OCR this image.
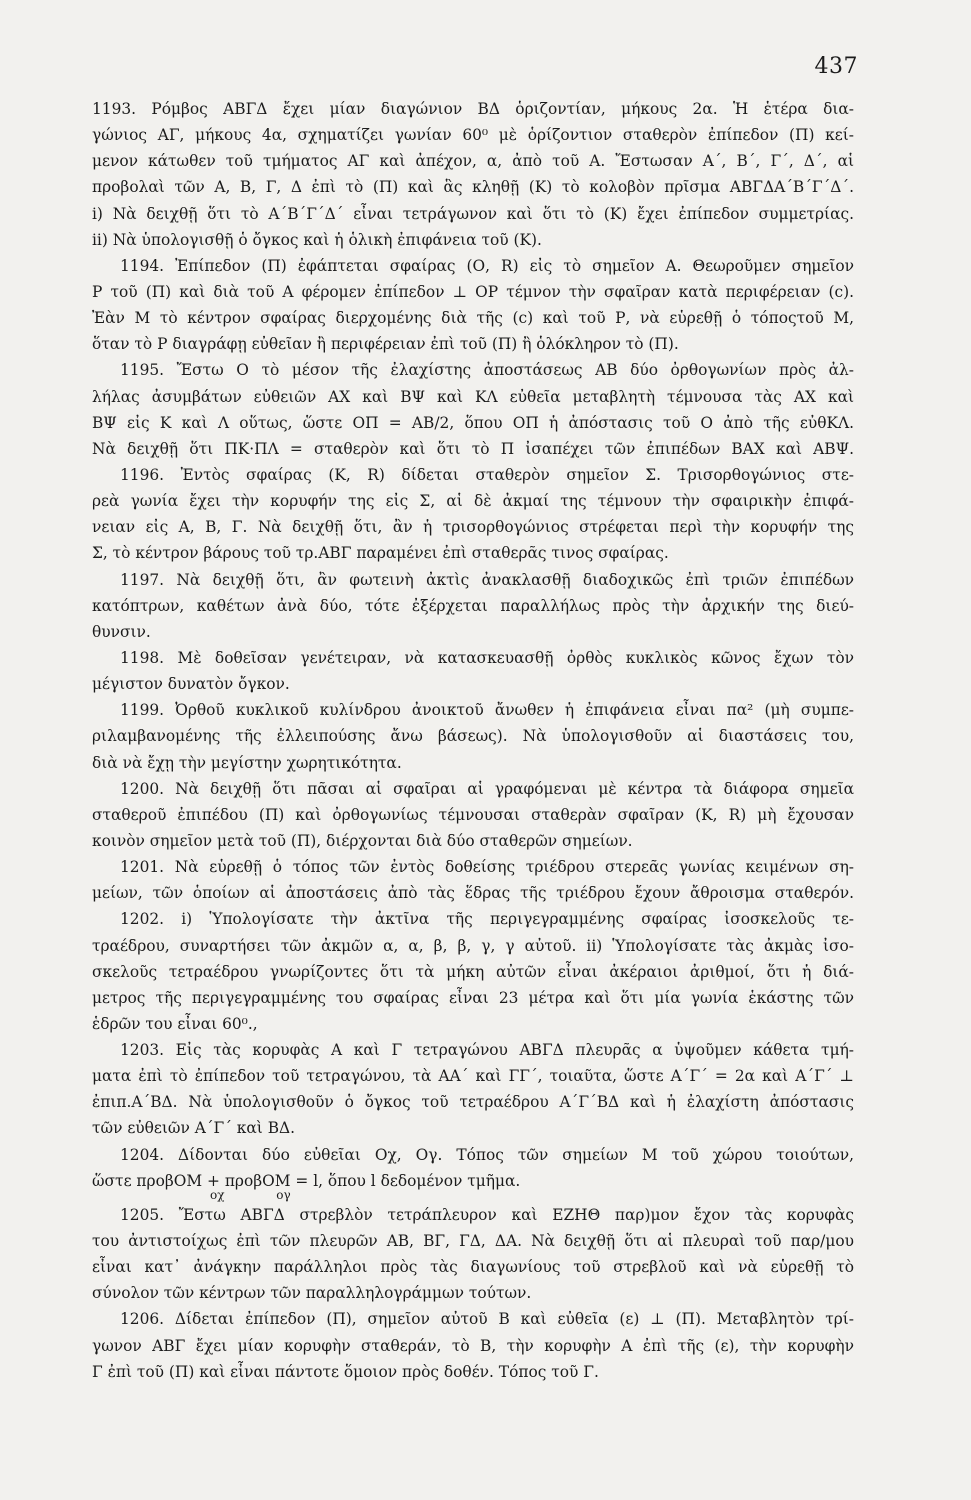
437
1193. Ρόμβος ΑΒΓΔ ἔχει μίαν διαγώνιον ΒΔ ὁριζοντίαν, μήκους 2α. Ἡ ἑτέρα δια-
γώνιος ΑΓ, μήκους 4α, σχηματίζει γωνίαν 60⁰ μὲ ὁρίζοντιον σταθερὸν ἐπίπεδον (Π) κεί-
μενον κάτωθεν τοῦ τμήματος ΑΓ καὶ ἀπέχον, α, ἀπὸ τοῦ Α. Ἔστωσαν Α΄, Β΄, Γ΄, Δ΄, αἱ
προβολαὶ τῶν Α, Β, Γ, Δ ἐπὶ τὸ (Π) καὶ ἃς κληθῇ (Κ) τὸ κολοβὸν πρῖσμα ΑΒΓΔΑ΄Β΄Γ΄Δ΄.
i) Νὰ δειχθῇ ὅτι τὸ Α΄Β΄Γ΄Δ΄ εἶναι τετράγωνον καὶ ὅτι τὸ (Κ) ἔχει ἐπίπεδον συμμετρίας.
ii) Νὰ ὑπολογισθῇ ὁ ὄγκος καὶ ἡ ὁλικὴ ἐπιφάνεια τοῦ (Κ).
1194. Ἐπίπεδον (Π) ἐφάπτεται σφαίρας (Ο, R) εἰς τὸ σημεῖον Α. Θεωροῦμεν σημεῖον
Ρ τοῦ (Π) καὶ διὰ τοῦ Α φέρομεν ἐπίπεδον ⊥ ΟΡ τέμνον τὴν σφαῖραν κατὰ περιφέρειαν (c).
Ἐὰν Μ τὸ κέντρον σφαίρας διερχομένης διὰ τῆς (c) καὶ τοῦ Ρ, νὰ εὑρεθῇ ὁ τόποςτοῦ Μ,
ὅταν τὸ Ρ διαγράφῃ εὐθεῖαν ἢ περιφέρειαν ἐπὶ τοῦ (Π) ἢ ὁλόκληρον τὸ (Π).
1195. Ἔστω Ο τὸ μέσον τῆς ἐλαχίστης ἀποστάσεως ΑΒ δύο ὀρθογωνίων πρὸς ἀλ-
λήλας ἀσυμβάτων εὐθειῶν ΑΧ καὶ ΒΨ καὶ ΚΛ εὐθεῖα μεταβλητὴ τέμνουσα τὰς ΑΧ καὶ
ΒΨ εἰς Κ καὶ Λ οὕτως, ὥστε ΟΠ = ΑΒ/2, ὅπου ΟΠ ἡ ἀπόστασις τοῦ Ο ἀπὸ τῆς εὐθΚΛ.
Νὰ δειχθῇ ὅτι ΠΚ·ΠΛ = σταθερὸν καὶ ὅτι τὸ Π ἰσαπέχει τῶν ἐπιπέδων ΒΑΧ καὶ ΑΒΨ.
1196. Ἐντὸς σφαίρας (Κ, R) δίδεται σταθερὸν σημεῖον Σ. Τρισορθογώνιος στε-
ρεὰ γωνία ἔχει τὴν κορυφήν της εἰς Σ, αἱ δὲ ἀκμαί της τέμνουν τὴν σφαιρικὴν ἐπιφά-
νειαν εἰς Α, Β, Γ. Νὰ δειχθῇ ὅτι, ἂν ἡ τρισορθογώνιος στρέφεται περὶ τὴν κορυφήν της
Σ, τὸ κέντρον βάρους τοῦ τρ.ΑΒΓ παραμένει ἐπὶ σταθερᾶς τινος σφαίρας.
1197. Νὰ δειχθῇ ὅτι, ἂν φωτεινὴ ἀκτὶς ἀνακλασθῇ διαδοχικῶς ἐπὶ τριῶν ἐπιπέδων
κατόπτρων, καθέτων ἀνὰ δύο, τότε ἐξέρχεται παραλλήλως πρὸς τὴν ἀρχικήν της διεύ-
θυνσιν.
1198. Μὲ δοθεῖσαν γενέτειραν, νὰ κατασκευασθῇ ὀρθὸς κυκλικὸς κῶνος ἔχων τὸν
μέγιστον δυνατὸν ὄγκον.
1199. Ὀρθοῦ κυκλικοῦ κυλίνδρου ἀνοικτοῦ ἄνωθεν ἡ ἐπιφάνεια εἶναι πα² (μὴ συμπε-
ριλαμβανομένης τῆς ἐλλειπούσης ἄνω βάσεως). Νὰ ὑπολογισθοῦν αἱ διαστάσεις του,
διὰ νὰ ἔχῃ τὴν μεγίστην χωρητικότητα.
1200. Νὰ δειχθῇ ὅτι πᾶσαι αἱ σφαῖραι αἱ γραφόμεναι μὲ κέντρα τὰ διάφορα σημεῖα
σταθεροῦ ἐπιπέδου (Π) καὶ ὀρθογωνίως τέμνουσαι σταθερὰν σφαῖραν (Κ, R) μὴ ἔχουσαν
κοινὸν σημεῖον μετὰ τοῦ (Π), διέρχονται διὰ δύο σταθερῶν σημείων.
1201. Νὰ εὑρεθῇ ὁ τόπος τῶν ἐντὸς δοθείσης τριέδρου στερεᾶς γωνίας κειμένων ση-
μείων, τῶν ὁποίων αἱ ἀποστάσεις ἀπὸ τὰς ἕδρας τῆς τριέδρου ἔχουν ἄθροισμα σταθερόν.
1202. i) Ὑπολογίσατε τὴν ἀκτῖνα τῆς περιγεγραμμένης σφαίρας ἰσοσκελοῦς τε-
τραέδρου, συναρτήσει τῶν ἀκμῶν α, α, β, β, γ, γ αὐτοῦ. ii) Ὑπολογίσατε τὰς ἀκμὰς ἰσο-
σκελοῦς τετραέδρου γνωρίζοντες ὅτι τὰ μήκη αὐτῶν εἶναι ἀκέραιοι ἀριθμοί, ὅτι ἡ διά-
μετρος τῆς περιγεγραμμένης του σφαίρας εἶναι 23 μέτρα καὶ ὅτι μία γωνία ἑκάστης τῶν
ἑδρῶν του εἶναι 60⁰.,
1203. Εἰς τὰς κορυφὰς Α καὶ Γ τετραγώνου ΑΒΓΔ πλευρᾶς α ὑψοῦμεν κάθετα τμή-
ματα ἐπὶ τὸ ἐπίπεδον τοῦ τετραγώνου, τὰ ΑΑ΄ καὶ ΓΓ΄, τοιαῦτα, ὥστε Α΄Γ΄ = 2α καὶ Α΄Γ΄ ⊥
ἐπιπ.Α΄ΒΔ. Νὰ ὑπολογισθοῦν ὁ ὄγκος τοῦ τετραέδρου Α΄Γ΄ΒΔ καὶ ἡ ἐλαχίστη ἀπόστασις
τῶν εὐθειῶν Α΄Γ΄ καὶ ΒΔ.
1204. Δίδονται δύο εὐθεῖαι Οχ, Ογ. Τόπος τῶν σημείων Μ τοῦ χώρου τοιούτων,
ὥστε προβΟΜ + προβΟΜ = l, ὅπου l δεδομένον τμῆμα.
οχ ογ
1205. Ἔστω ΑΒΓΔ στρεβλὸν τετράπλευρον καὶ ΕΖΗΘ παρ)μον ἔχον τὰς κορυφὰς
του ἀντιστοίχως ἐπὶ τῶν πλευρῶν ΑΒ, ΒΓ, ΓΔ, ΔΑ. Νὰ δειχθῇ ὅτι αἱ πλευραὶ τοῦ παρ/μου
εἶναι κατ᾽ ἀνάγκην παράλληλοι πρὸς τὰς διαγωνίους τοῦ στρεβλοῦ καὶ νὰ εὑρεθῇ τὸ
σύνολον τῶν κέντρων τῶν παραλληλογράμμων τούτων.
1206. Δίδεται ἐπίπεδον (Π), σημεῖον αὐτοῦ Β καὶ εὐθεῖα (ε) ⊥ (Π). Μεταβλητὸν τρί-
γωνον ΑΒΓ ἔχει μίαν κορυφὴν σταθεράν, τὸ Β, τὴν κορυφὴν Α ἐπὶ τῆς (ε), τὴν κορυφὴν
Γ ἐπὶ τοῦ (Π) καὶ εἶναι πάντοτε ὅμοιον πρὸς δοθέν. Τόπος τοῦ Γ.
